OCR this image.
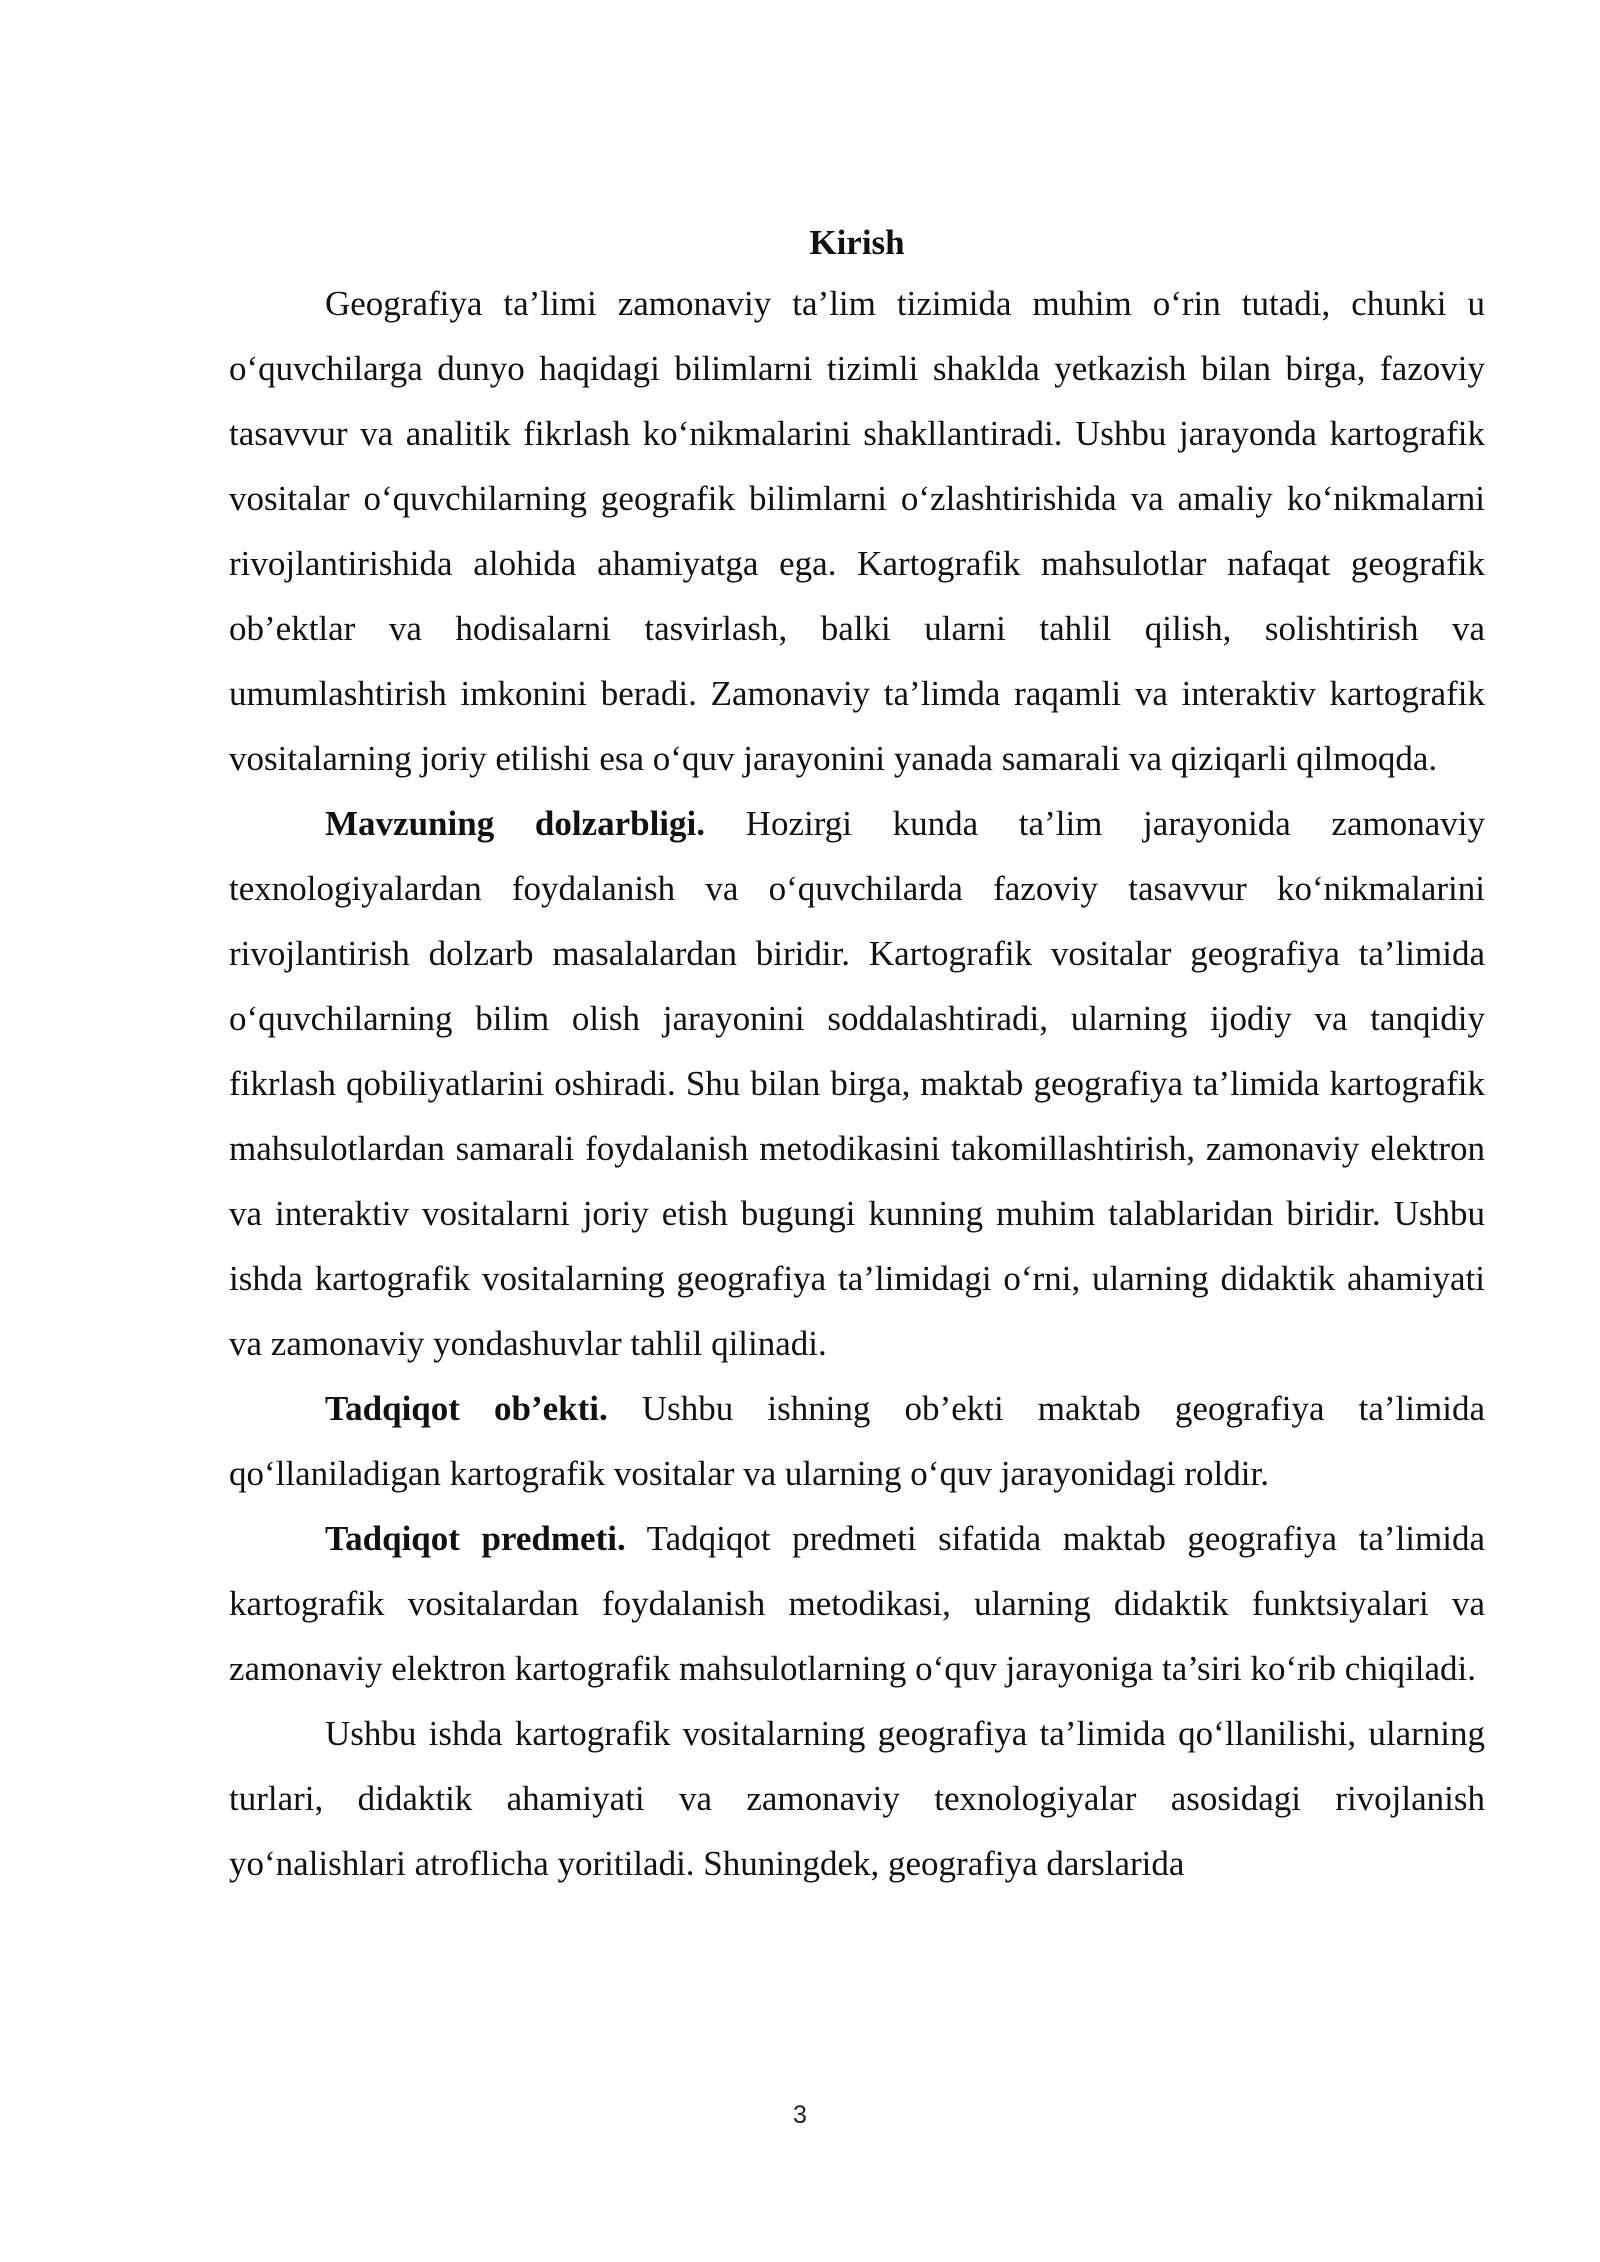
Kirish

Geografiya ta’limi zamonaviy ta’lim tizimida muhim o‘rin tutadi, chunki u o‘quvchilarga dunyo haqidagi bilimlarni tizimli shaklda yetkazish bilan birga, fazoviy tasavvur va analitik fikrlash ko‘nikmalarini shakllantiradi. Ushbu jarayonda kartografik vositalar o‘quvchilarning geografik bilimlarni o‘zlashtirishida va amaliy ko‘nikmalarni rivojlantirishida alohida ahamiyatga ega. Kartografik mahsulotlar nafaqat geografik ob’ektlar va hodisalarni tasvirlash, balki ularni tahlil qilish, solishtirish va umumlashtirish imkonini beradi. Zamonaviy ta’limda raqamli va interaktiv kartografik vositalarning joriy etilishi esa o‘quv jarayonini yanada samarali va qiziqarli qilmoqda.

Mavzuning dolzarbligi. Hozirgi kunda ta’lim jarayonida zamonaviy texnologiyalardan foydalanish va o‘quvchilarda fazoviy tasavvur ko‘nikmalarini rivojlantirish dolzarb masalalardan biridir. Kartografik vositalar geografiya ta’limida o‘quvchilarning bilim olish jarayonini soddalashtiradi, ularning ijodiy va tanqidiy fikrlash qobiliyatlarini oshiradi. Shu bilan birga, maktab geografiya ta’limida kartografik mahsulotlardan samarali foydalanish metodikasini takomillashtirish, zamonaviy elektron va interaktiv vositalarni joriy etish bugungi kunning muhim talablaridan biridir. Ushbu ishda kartografik vositalarning geografiya ta’limidagi o‘rni, ularning didaktik ahamiyati va zamonaviy yondashuvlar tahlil qilinadi.

Tadqiqot ob’ekti. Ushbu ishning ob’ekti maktab geografiya ta’limida qo‘llaniladigan kartografik vositalar va ularning o‘quv jarayonidagi roldir.

Tadqiqot predmeti. Tadqiqot predmeti sifatida maktab geografiya ta’limida kartografik vositalardan foydalanish metodikasi, ularning didaktik funktsiyalari va zamonaviy elektron kartografik mahsulotlarning o‘quv jarayoniga ta’siri ko‘rib chiqiladi.

Ushbu ishda kartografik vositalarning geografiya ta’limida qo‘llanilishi, ularning turlari, didaktik ahamiyati va zamonaviy texnologiyalar asosidagi rivojlanish yo‘nalishlari atroflicha yoritiladi. Shuningdek, geografiya darslarida

3
